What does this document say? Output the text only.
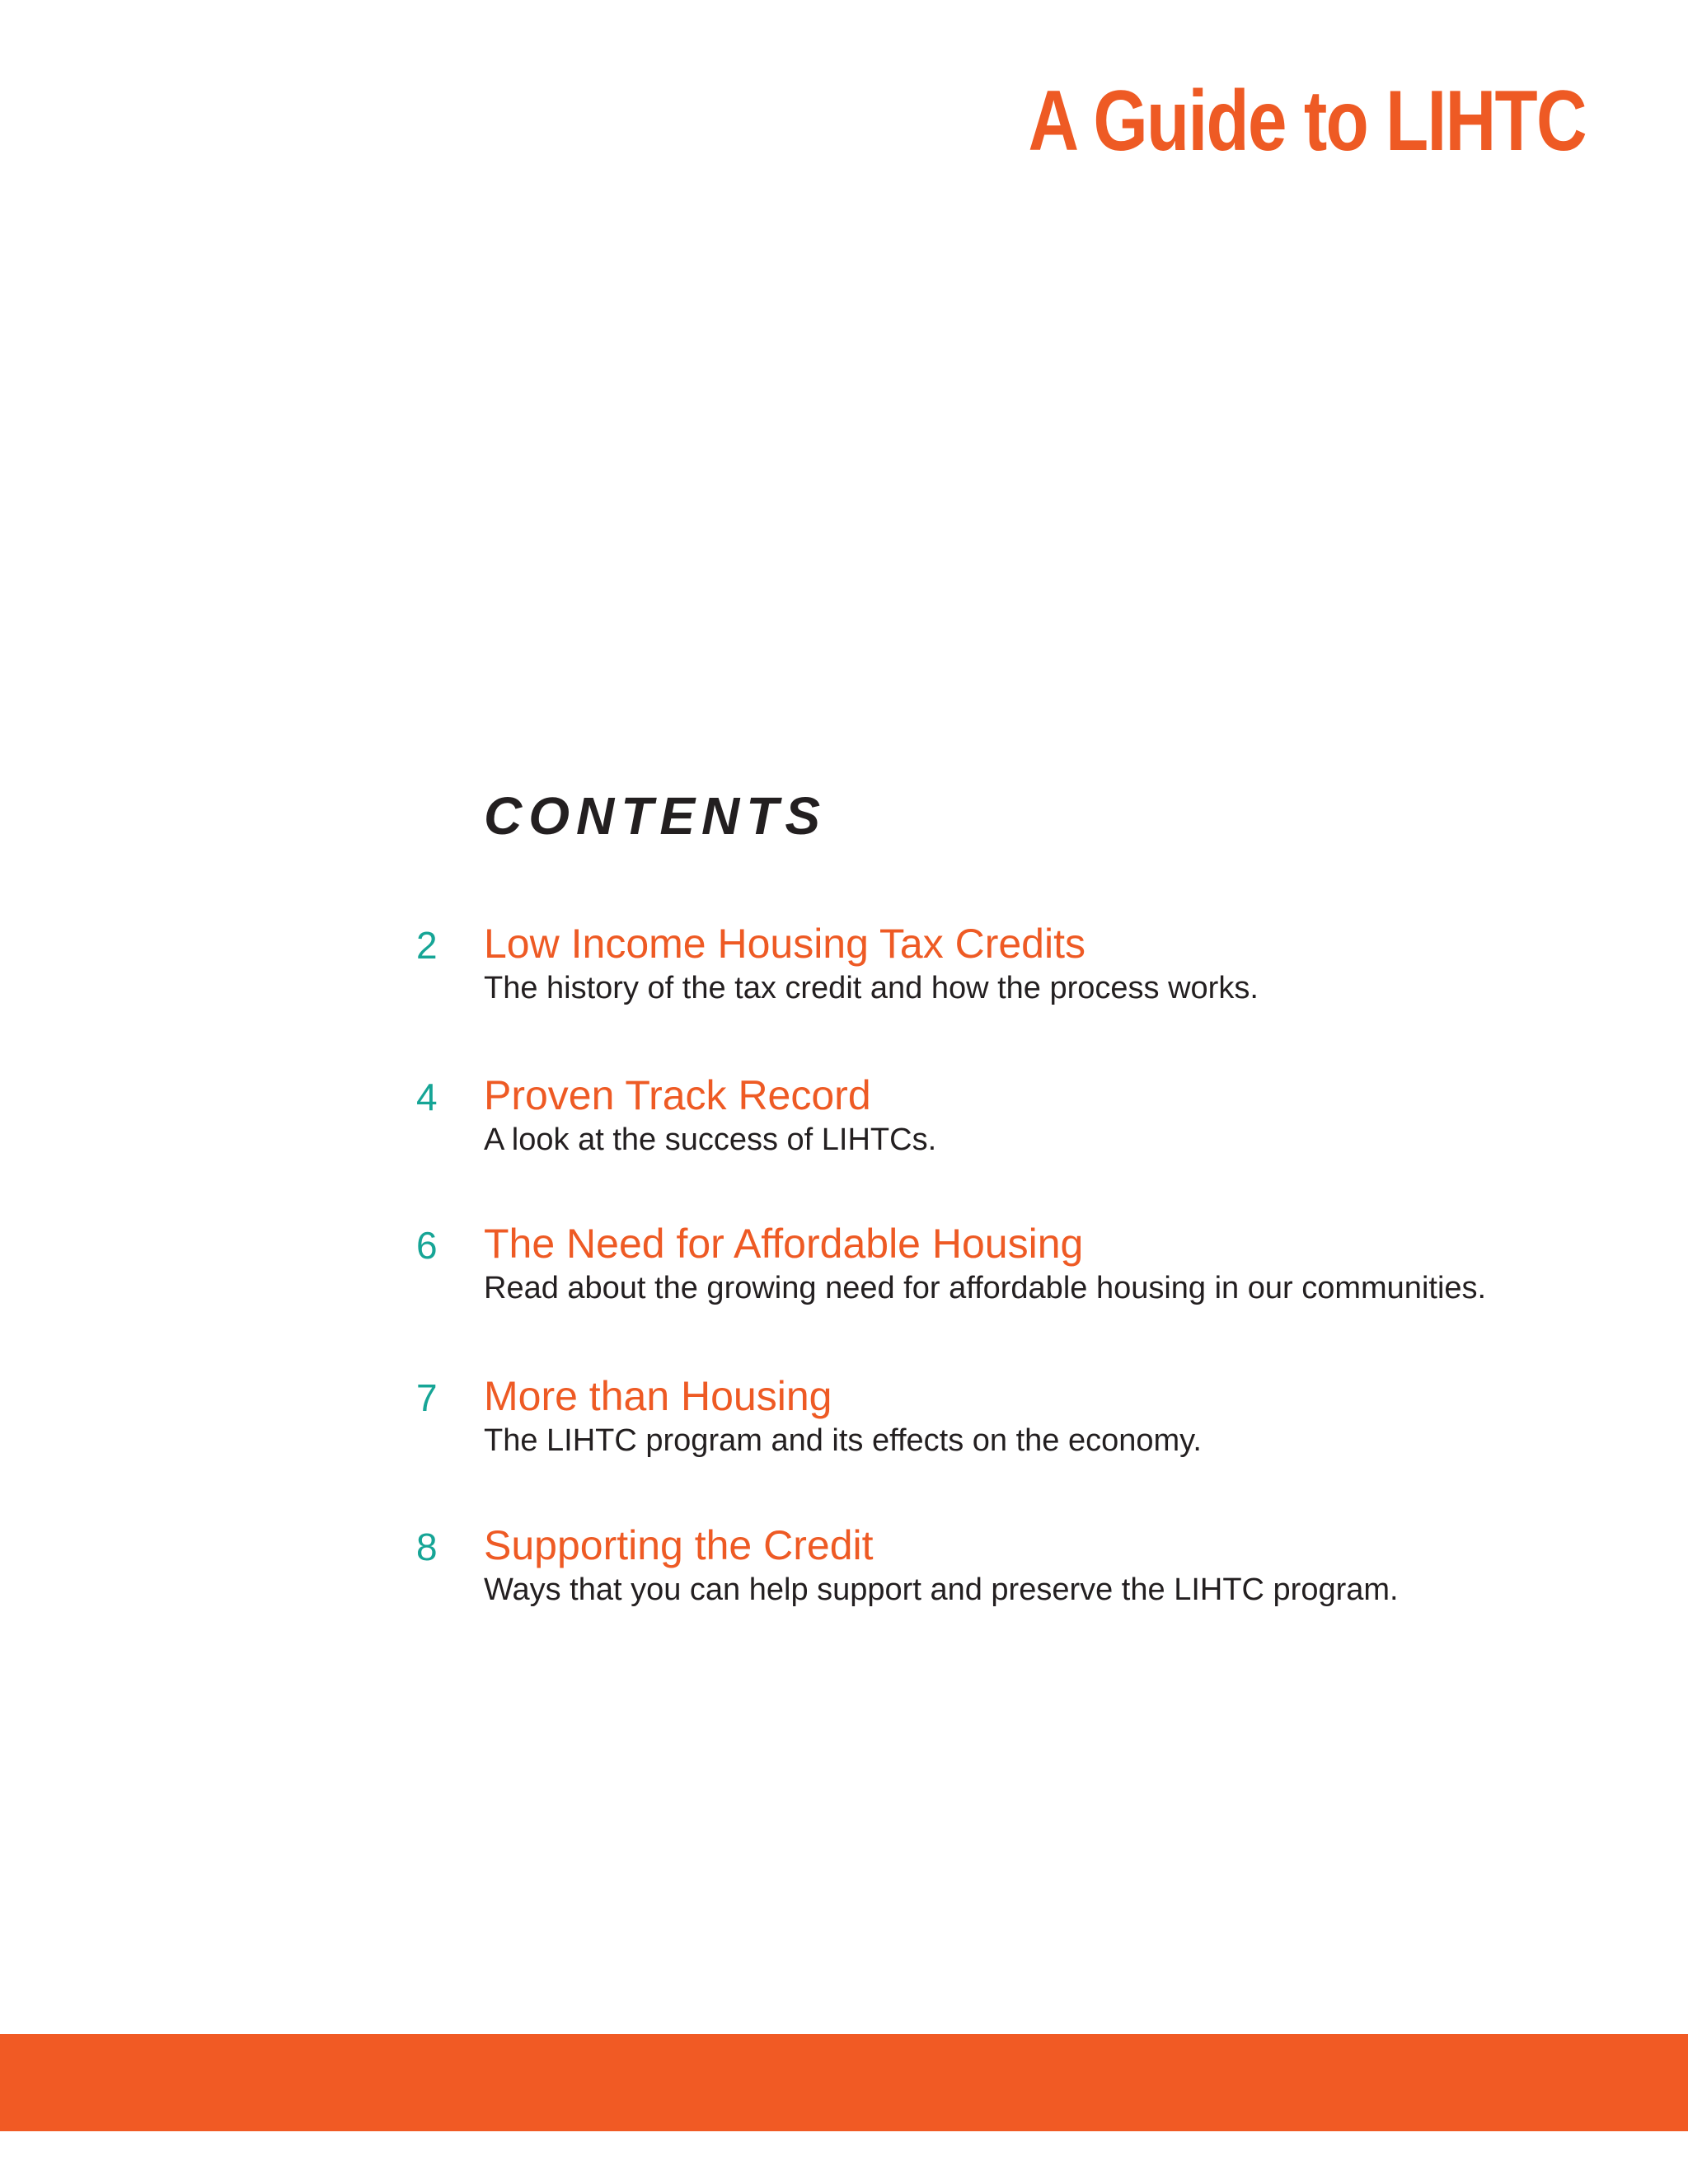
A Guide to LIHTC
CONTENTS
2	Low Income Housing Tax Credits
The history of the tax credit and how the process works.
4	Proven Track Record
A look at the success of LIHTCs.
6	The Need for Affordable Housing
Read about the growing need for affordable housing in our communities.
7	More than Housing
The LIHTC program and its effects on the economy.
8	Supporting the Credit
Ways that you can help support and preserve the LIHTC program.
